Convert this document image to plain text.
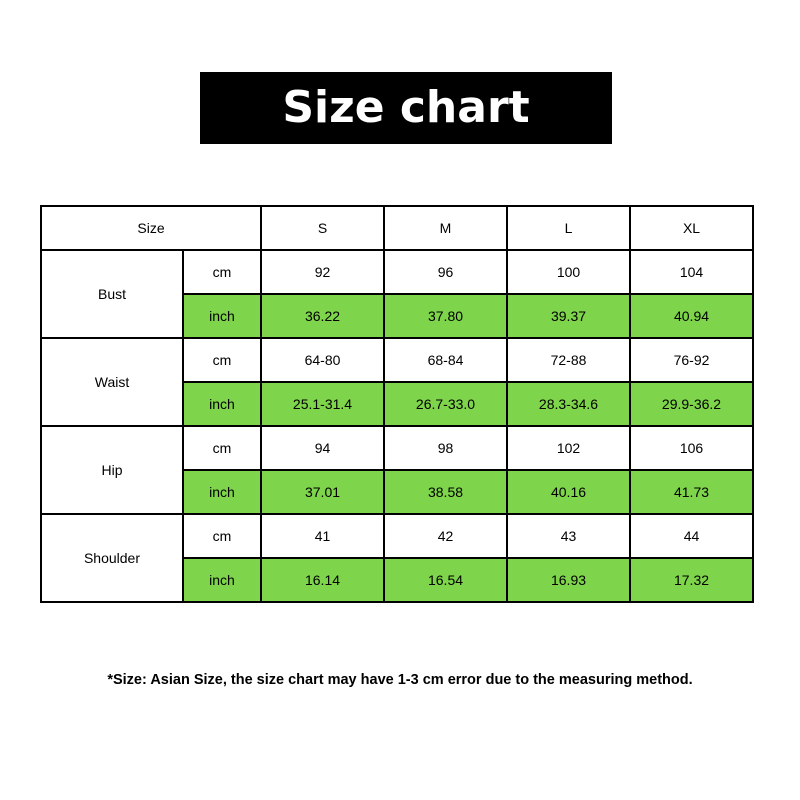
Size chart
Size		S	M	L	XL
Bust	cm	92	96	100	104
	inch	36.22	37.80	39.37	40.94
Waist	cm	64-80	68-84	72-88	76-92
	inch	25.1-31.4	26.7-33.0	28.3-34.6	29.9-36.2
Hip	cm	94	98	102	106
	inch	37.01	38.58	40.16	41.73
Shoulder	cm	41	42	43	44
	inch	16.14	16.54	16.93	17.32
*Size: Asian Size, the size chart may have 1-3 cm error due to the measuring method.
